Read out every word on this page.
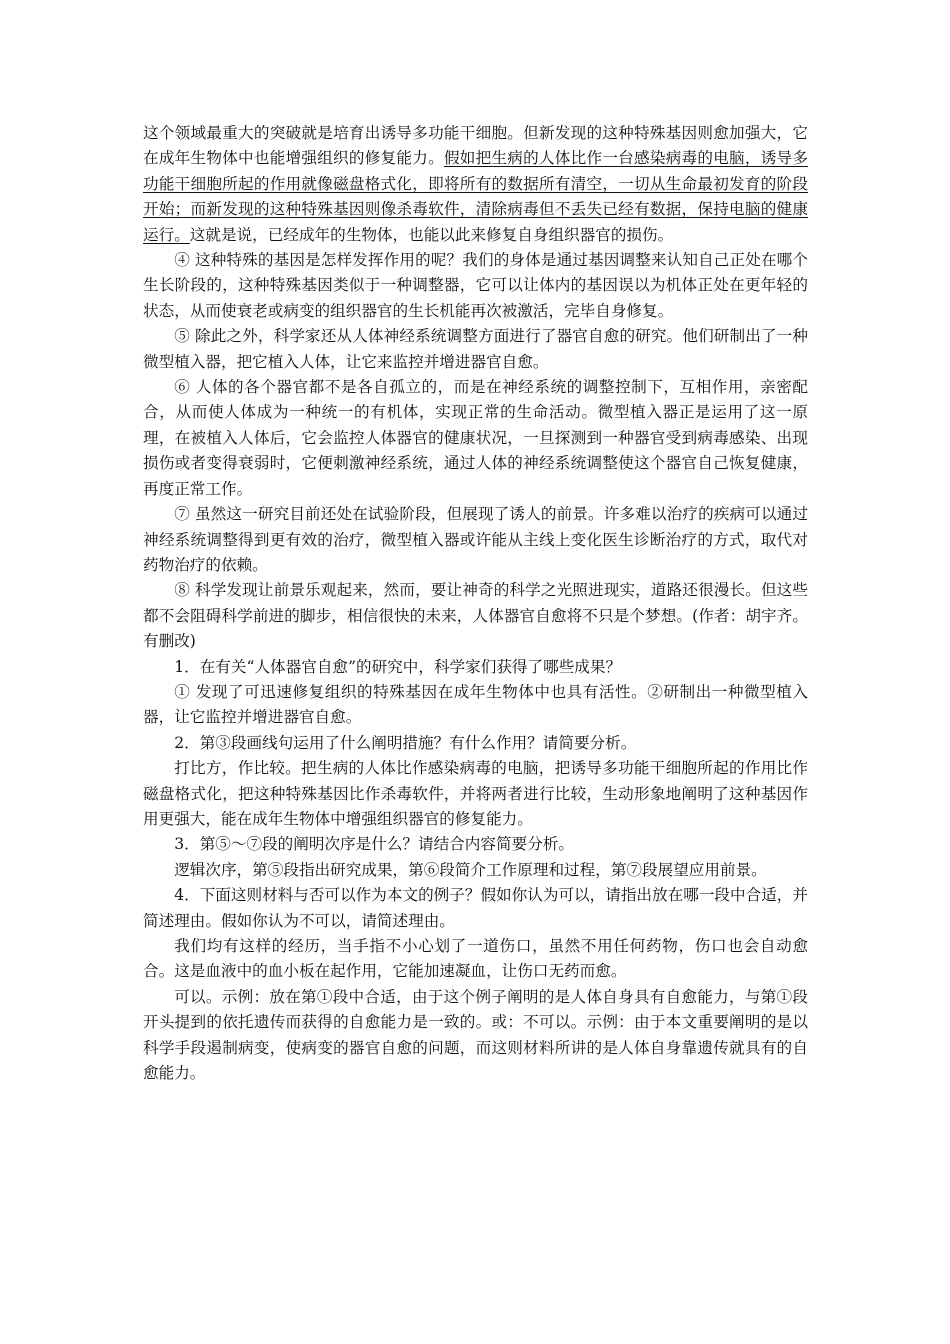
这个领域最重大的突破就是培育出诱导多功能干细胞。但新发现的这种特殊基因则愈加强大，它在成年生物体中也能增强组织的修复能力。假如把生病的人体比作一台感染病毒的电脑，诱导多功能干细胞所起的作用就像磁盘格式化，即将所有的数据所有清空，一切从生命最初发育的阶段开始；而新发现的这种特殊基因则像杀毒软件，清除病毒但不丢失已经有数据，保持电脑的健康运行。这就是说，已经成年的生物体，也能以此来修复自身组织器官的损伤。

④ 这种特殊的基因是怎样发挥作用的呢？我们的身体是通过基因调整来认知自己正处在哪个生长阶段的，这种特殊基因类似于一种调整器，它可以让体内的基因误以为机体正处在更年轻的状态，从而使衰老或病变的组织器官的生长机能再次被激活，完毕自身修复。

⑤ 除此之外，科学家还从人体神经系统调整方面进行了器官自愈的研究。他们研制出了一种微型植入器，把它植入人体，让它来监控并增进器官自愈。

⑥ 人体的各个器官都不是各自孤立的，而是在神经系统的调整控制下，互相作用，亲密配合，从而使人体成为一种统一的有机体，实现正常的生命活动。微型植入器正是运用了这一原理，在被植入人体后，它会监控人体器官的健康状况，一旦探测到一种器官受到病毒感染、出现损伤或者变得衰弱时，它便刺激神经系统，通过人体的神经系统调整使这个器官自己恢复健康，再度正常工作。

⑦ 虽然这一研究目前还处在试验阶段，但展现了诱人的前景。许多难以治疗的疾病可以通过神经系统调整得到更有效的治疗，微型植入器或许能从主线上变化医生诊断治疗的方式，取代对药物治疗的依赖。

⑧ 科学发现让前景乐观起来，然而，要让神奇的科学之光照进现实，道路还很漫长。但这些都不会阻碍科学前进的脚步，相信很快的未来，人体器官自愈将不只是个梦想。(作者：胡宇齐。有删改)

1．在有关“人体器官自愈”的研究中，科学家们获得了哪些成果？

① 发现了可迅速修复组织的特殊基因在成年生物体中也具有活性。②研制出一种微型植入器，让它监控并增进器官自愈。

2．第③段画线句运用了什么阐明措施？有什么作用？请简要分析。

打比方，作比较。把生病的人体比作感染病毒的电脑，把诱导多功能干细胞所起的作用比作磁盘格式化，把这种特殊基因比作杀毒软件，并将两者进行比较，生动形象地阐明了这种基因作用更强大，能在成年生物体中增强组织器官的修复能力。

3．第⑤～⑦段的阐明次序是什么？请结合内容简要分析。

逻辑次序，第⑤段指出研究成果，第⑥段简介工作原理和过程，第⑦段展望应用前景。

4．下面这则材料与否可以作为本文的例子？假如你认为可以，请指出放在哪一段中合适，并简述理由。假如你认为不可以，请简述理由。

我们均有这样的经历，当手指不小心划了一道伤口，虽然不用任何药物，伤口也会自动愈合。这是血液中的血小板在起作用，它能加速凝血，让伤口无药而愈。

可以。示例：放在第①段中合适，由于这个例子阐明的是人体自身具有自愈能力，与第①段开头提到的依托遗传而获得的自愈能力是一致的。或：不可以。示例：由于本文重要阐明的是以科学手段遏制病变，使病变的器官自愈的问题，而这则材料所讲的是人体自身靠遗传就具有的自愈能力。
